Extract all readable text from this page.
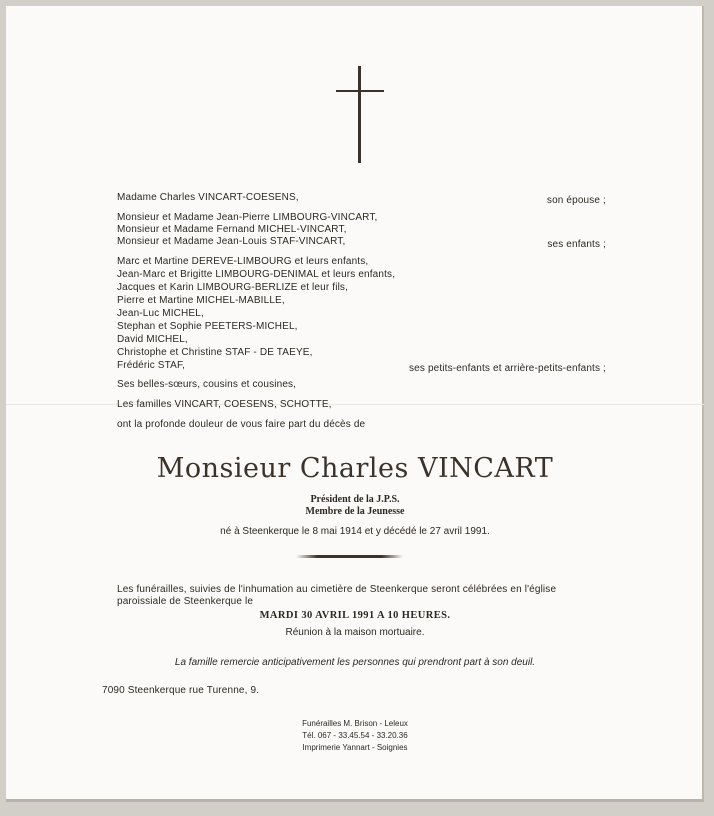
Madame Charles VINCART-COESENS,	son épouse ;
Monsieur et Madame Jean-Pierre LIMBOURG-VINCART,
Monsieur et Madame Fernand MICHEL-VINCART,
Monsieur et Madame Jean-Louis STAF-VINCART,	ses enfants ;
Marc et Martine DEREVE-LIMBOURG et leurs enfants,
Jean-Marc et Brigitte LIMBOURG-DENIMAL et leurs enfants,
Jacques et Karin LIMBOURG-BERLIZE et leur fils,
Pierre et Martine MICHEL-MABILLE,
Jean-Luc MICHEL,
Stephan et Sophie PEETERS-MICHEL,
David MICHEL,
Christophe et Christine STAF - DE TAEYE,
Frédéric STAF,	ses petits-enfants et arrière-petits-enfants ;
Ses belles-sœurs, cousins et cousines,
Les familles VINCART, COESENS, SCHOTTE,
ont la profonde douleur de vous faire part du décès de
Monsieur Charles VINCART
Président de la J.P.S.
Membre de la Jeunesse
né à Steenkerque le 8 mai 1914 et y décédé le 27 avril 1991.
Les funérailles, suivies de l'inhumation au cimetière de Steenkerque seront célébrées en l'église
paroissiale de Steenkerque le
MARDI 30 AVRIL 1991 A 10 HEURES.
Réunion à la maison mortuaire.
La famille remercie anticipativement les personnes qui prendront part à son deuil.
7090 Steenkerque rue Turenne, 9.
Funérailles M. Brison - Leleux
Tél. 067 - 33.45.54 - 33.20.36
Imprimerie Yannart - Soignies
